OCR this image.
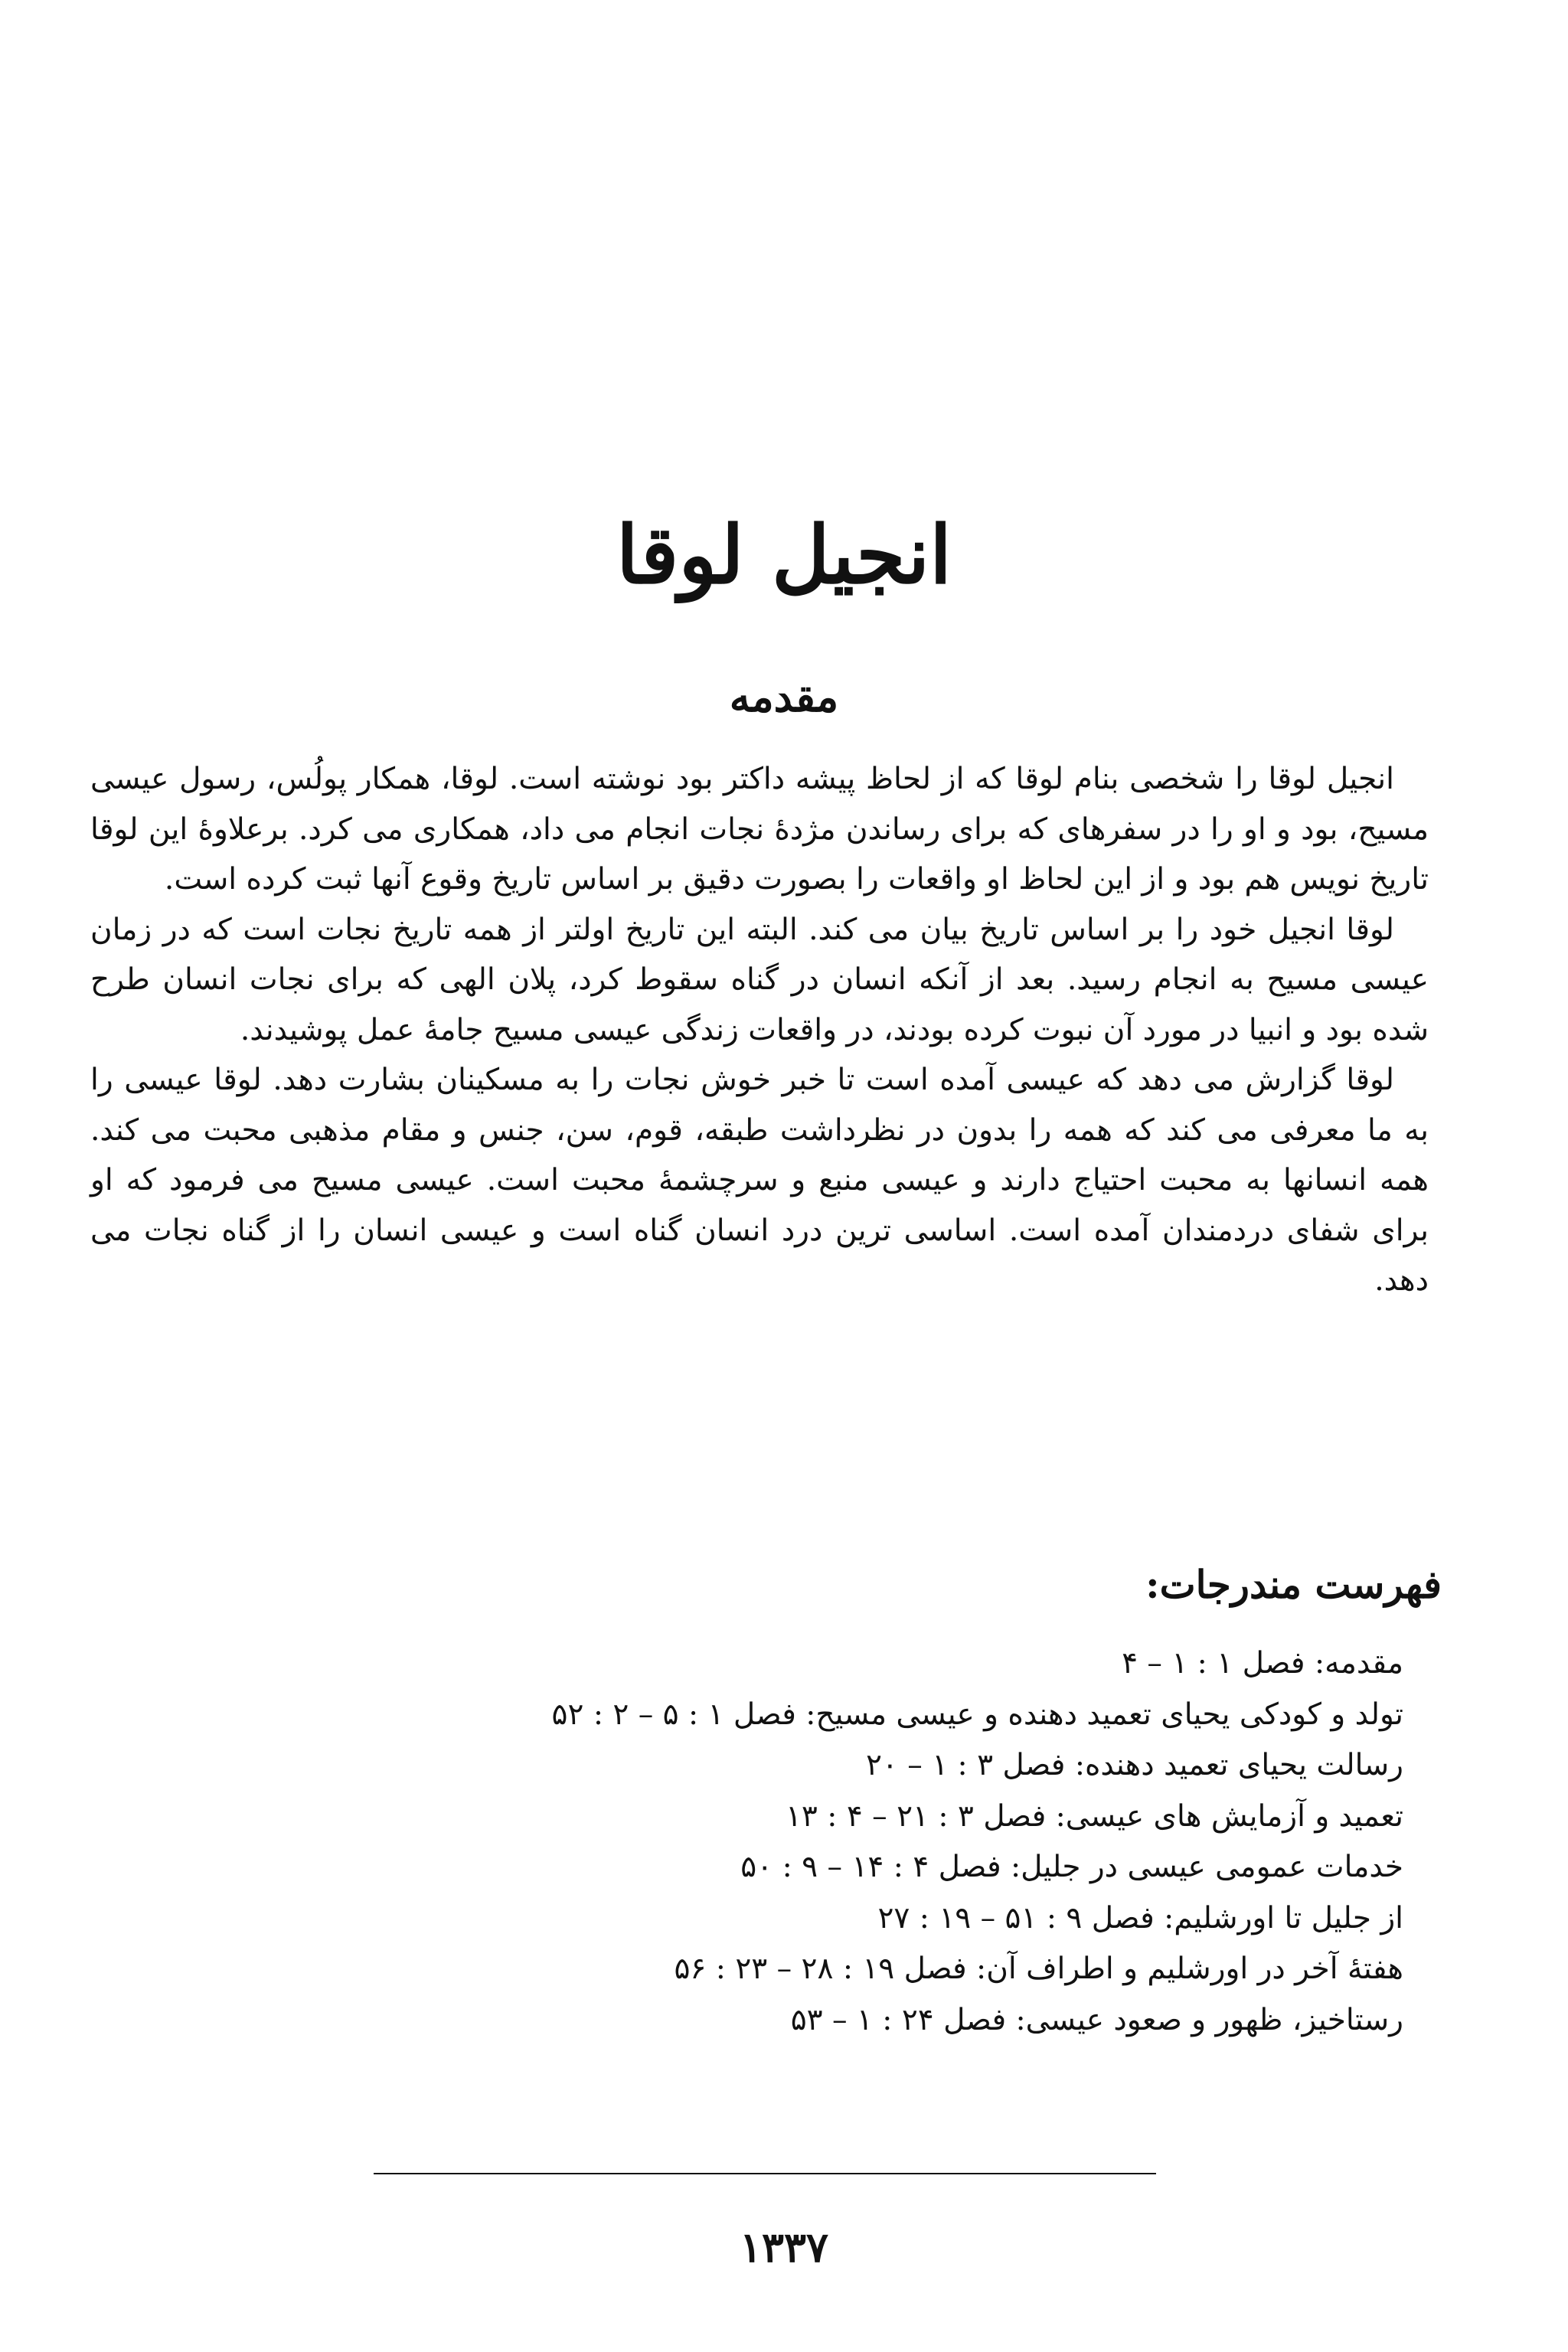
انجیل لوقا
مقدمه

انجیل لوقا را شخصی بنام لوقا که از لحاظ پیشه داکتر بود نوشته است. لوقا، همکار پولُس، رسول عیسی مسیح، بود و او را در سفرهای که برای رساندن مژدهٔ نجات انجام می داد، همکاری می کرد. برعلاوهٔ این لوقا تاریخ نویس هم بود و از این لحاظ او واقعات را بصورت دقیق بر اساس تاریخ وقوع آنها ثبت کرده است.

لوقا انجیل خود را بر اساس تاریخ بیان می کند. البته این تاریخ اولتر از همه تاریخ نجات است که در زمان عیسی مسیح به انجام رسید. بعد از آنکه انسان در گناه سقوط کرد، پلان الهی که برای نجات انسان طرح شده بود و انبیا در مورد آن نبوت کرده بودند، در واقعات زندگی عیسی مسیح جامهٔ عمل پوشیدند.

لوقا گزارش می دهد که عیسی آمده است تا خبر خوش نجات را به مسکینان بشارت دهد. لوقا عیسی را به ما معرفی می کند که همه را بدون در نظرداشت طبقه، قوم، سن، جنس و مقام مذهبی محبت می کند. همه انسانها به محبت احتیاج دارند و عیسی منبع و سرچشمهٔ محبت است. عیسی مسیح می فرمود که او برای شفای دردمندان آمده است. اساسی ترین درد انسان گناه است و عیسی انسان را از گناه نجات می دهد.

فهرست مندرجات:
مقدمه: فصل ۱ : ۱ – ۴
تولد و کودکی یحیای تعمید دهنده و عیسی مسیح: فصل ۱ : ۵ – ۲ : ۵۲
رسالت یحیای تعمید دهنده: فصل ۳ : ۱ – ۲۰
تعمید و آزمایش های عیسی: فصل ۳ : ۲۱ – ۴ : ۱۳
خدمات عمومی عیسی در جلیل: فصل ۴ : ۱۴ – ۹ : ۵۰
از جلیل تا اورشلیم: فصل ۹ : ۵۱ – ۱۹ : ۲۷
هفتهٔ آخر در اورشلیم و اطراف آن: فصل ۱۹ : ۲۸ – ۲۳ : ۵۶
رستاخیز، ظهور و صعود عیسی: فصل ۲۴ : ۱ – ۵۳
۱۳۳۷
